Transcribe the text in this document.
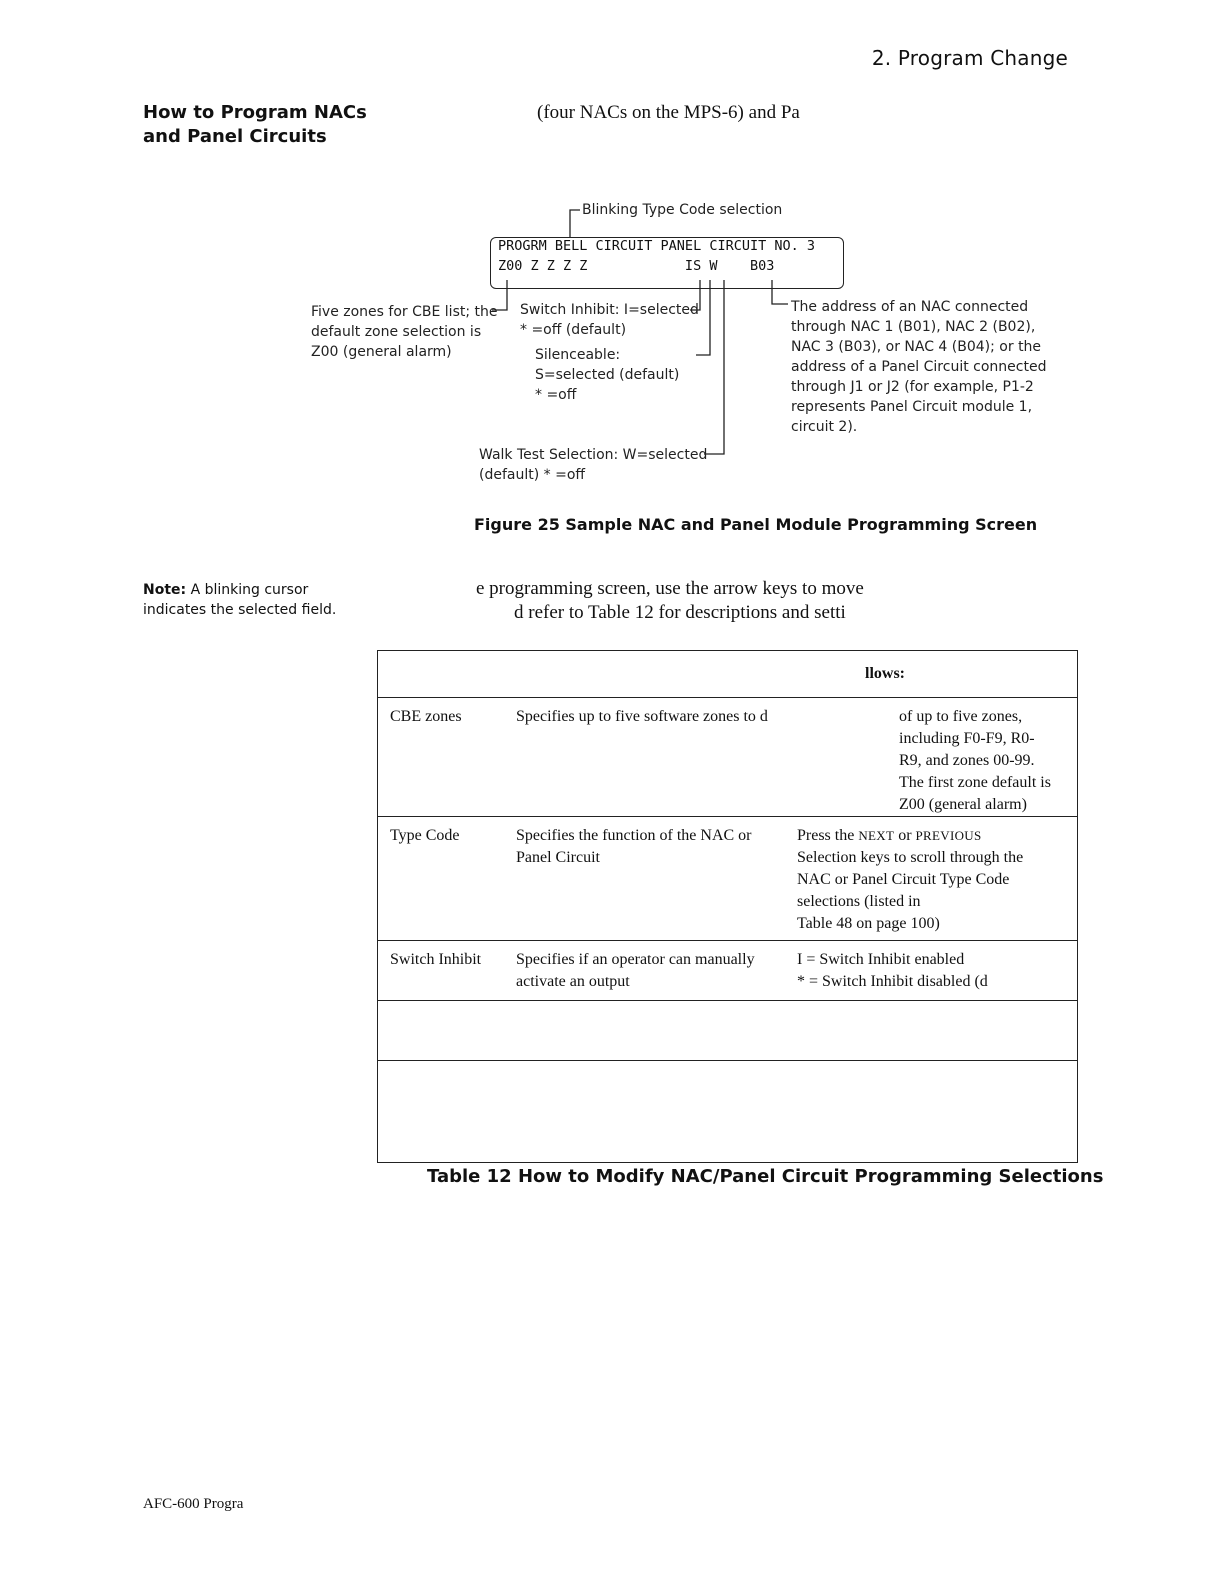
2. Program Change
How to Program NACs
and Panel Circuits
(four NACs on the MPS-6) and Pa
Blinking Type Code selection
PROGRM BELL CIRCUIT PANEL CIRCUIT NO. 3
Z00 Z Z Z Z            IS W    B03
Five zones for CBE list; the
default zone selection is
Z00 (general alarm)
Switch Inhibit: I=selected
* =off (default)
Silenceable:
S=selected (default)
* =off
Walk Test Selection: W=selected
(default) * =off
The address of an NAC connected
through NAC 1 (B01), NAC 2 (B02),
NAC 3 (B03), or NAC 4 (B04); or the
address of a Panel Circuit connected
through J1 or J2 (for example, P1-2
represents Panel Circuit module 1,
circuit 2).
Figure 25 Sample NAC and Panel Module Programming Screen
Note: A blinking cursor
indicates the selected field.
e programming screen, use the arrow keys to move
d refer to Table 12 for descriptions and setti
llows:		
CBE zones	Specifies up to five software zones to d	of up to five zones, including F0-F9, R0-R9, and zones 00-99. The first zone default is Z00 (general alarm)
Type Code	Specifies the function of the NAC or Panel Circuit	Press the NEXT or PREVIOUS
Selection keys to scroll through the NAC or Panel Circuit Type Code selections (listed in
Table 48 on page 100)

Switch Inhibit	Specifies if an operator can manually activate an output	I = Switch Inhibit enabled
* = Switch Inhibit disabled (d

Table 12 How to Modify NAC/Panel Circuit Programming Selections
AFC-600 Progra
